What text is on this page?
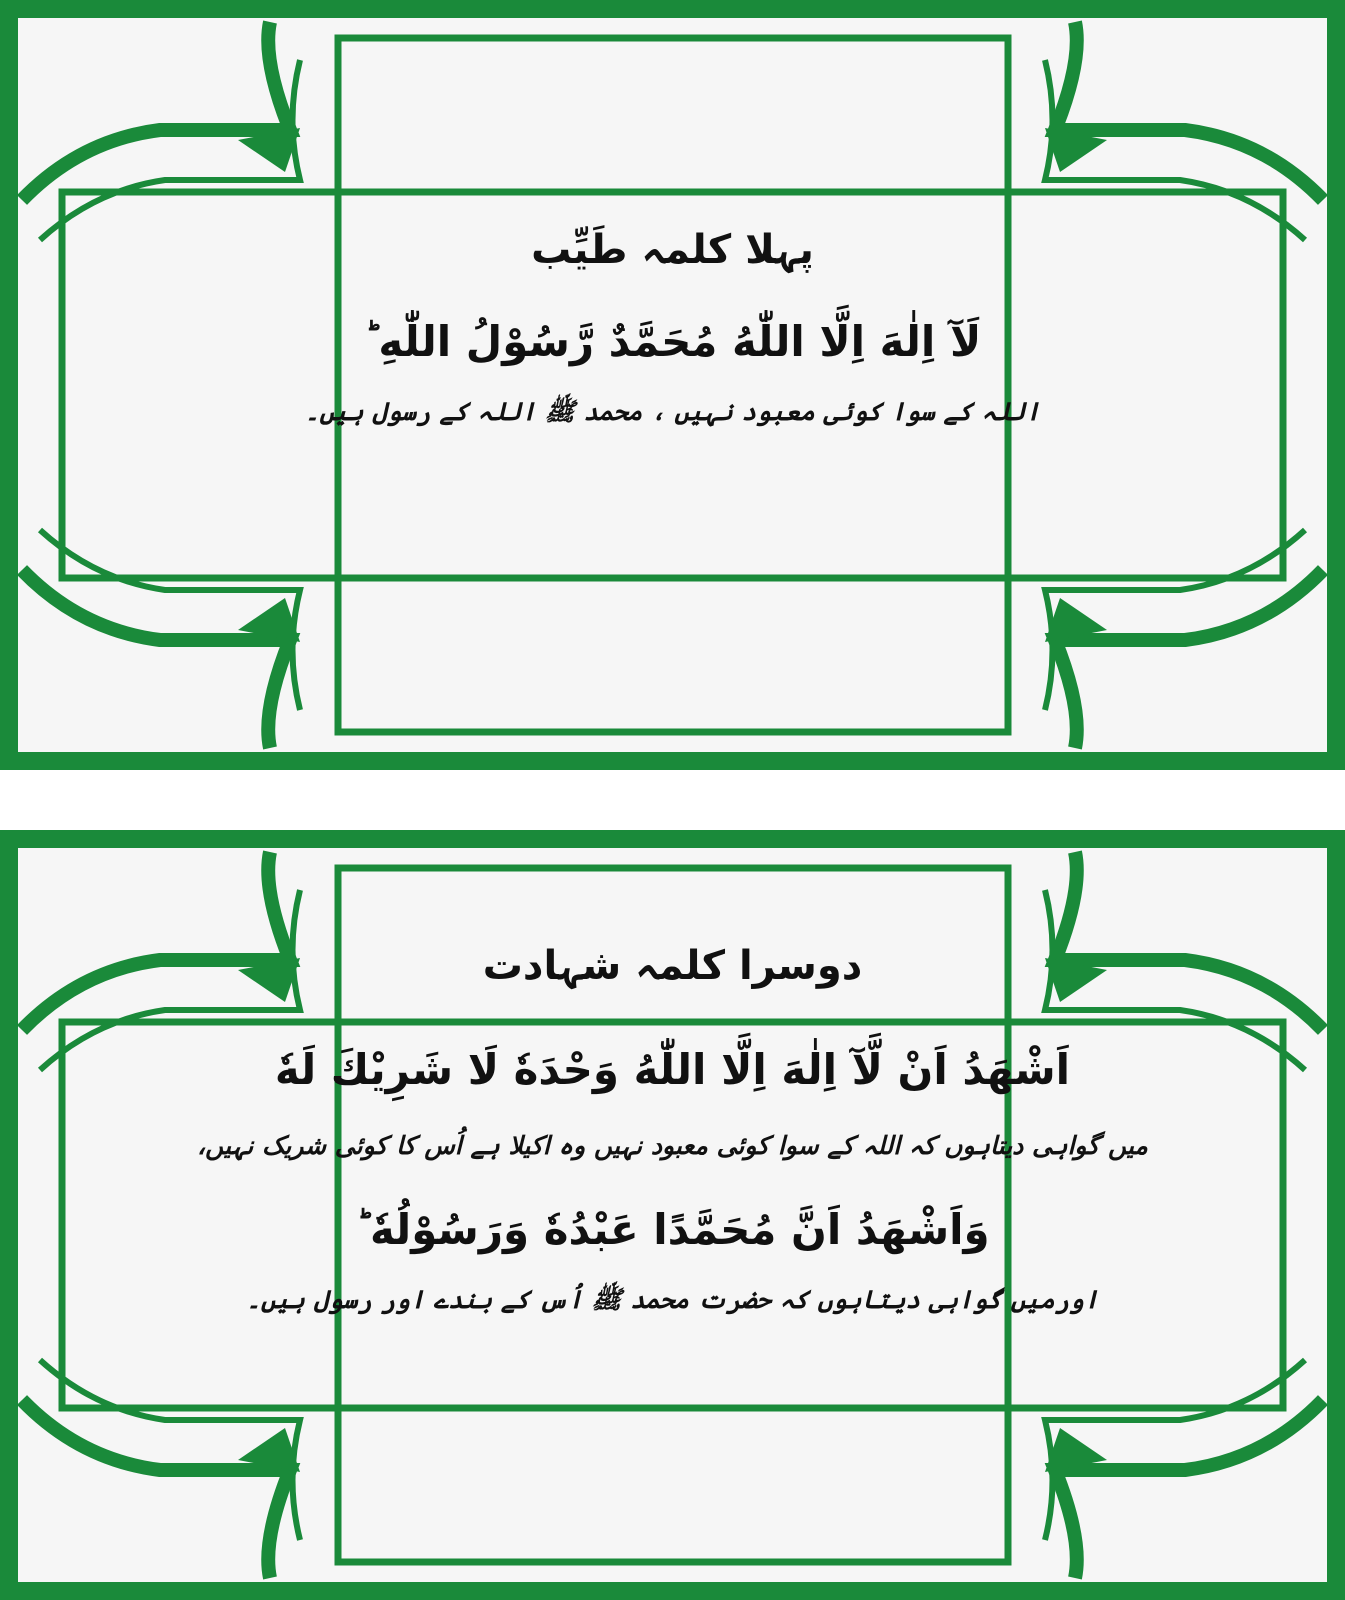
پہلا کلمہ طَیِّب

لَآ اِلٰهَ اِلَّا اللّٰهُ مُحَمَّدٌ رَّسُوْلُ اللّٰهِ ؕ

اللہ کے سوا کوئی معبود نہیں ، محمد ﷺ اللہ کے رسول ہیں۔

دوسرا کلمہ شہادت

اَشْهَدُ اَنْ لَّآ اِلٰهَ اِلَّا اللّٰهُ وَحْدَهٗ لَا شَرِيْكَ لَهٗ

میں گواہی دیتاہوں کہ اللہ کے سوا کوئی معبود نہیں وہ اکیلا ہے اُس کا کوئی شریک نہیں،

وَاَشْهَدُ اَنَّ مُحَمَّدًا عَبْدُهٗ وَرَسُوْلُهٗ ؕ

اورمیں گواہی دیتاہوں کہ حضرت محمد ﷺ اُس کے بندے اور رسول ہیں۔
